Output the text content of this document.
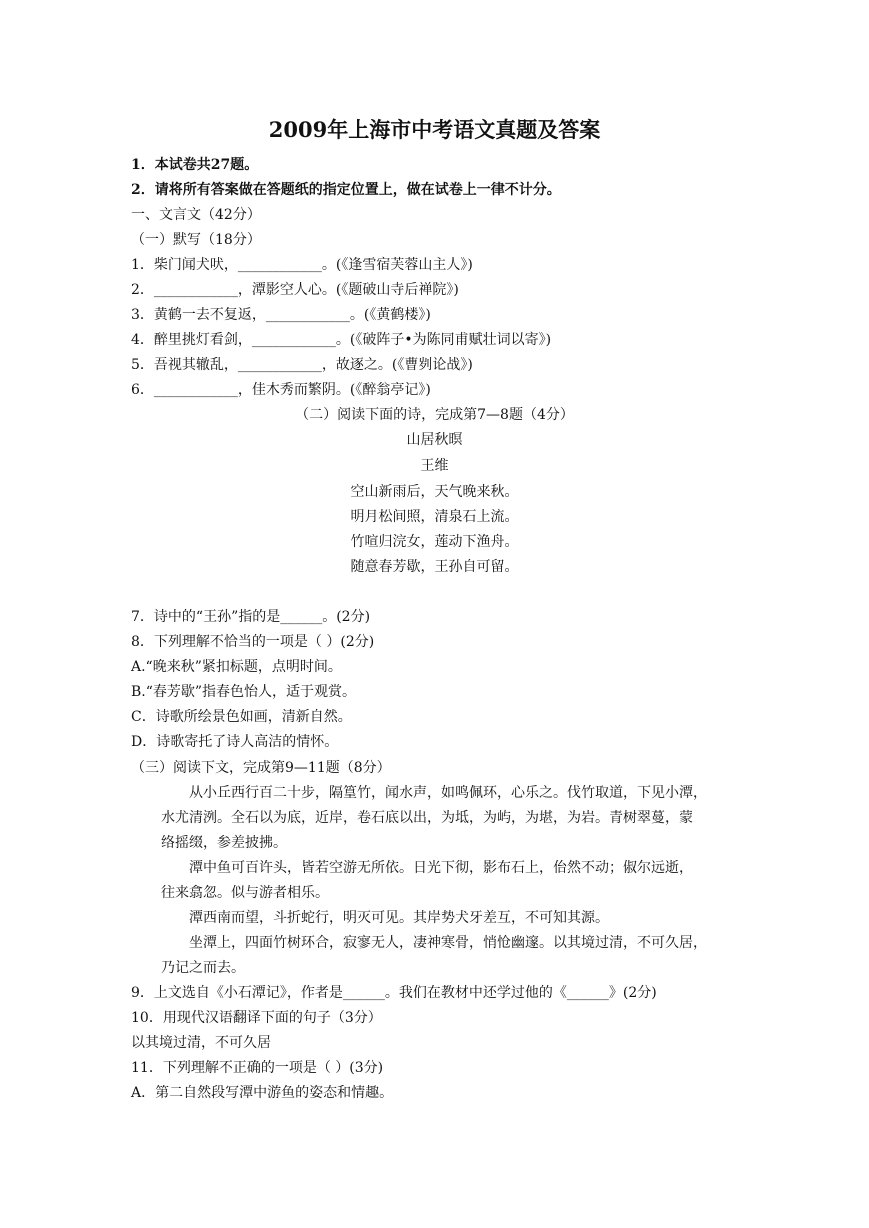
2009年上海市中考语文真题及答案
1．本试卷共27题。
2．请将所有答案做在答题纸的指定位置上，做在试卷上一律不计分。
一、文言文（42分）
（一）默写（18分）
1．柴门闻犬吠，____________。(《逢雪宿芙蓉山主人》)
2．____________，潭影空人心。(《题破山寺后禅院》)
3．黄鹤一去不复返，____________。(《黄鹤楼》)
4．醉里挑灯看剑，____________。(《破阵子•为陈同甫赋壮词以寄》)
5．吾视其辙乱，____________，故逐之。(《曹刿论战》)
6．____________，佳木秀而繁阴。(《醉翁亭记》)
（二）阅读下面的诗，完成第7—8题（4分）
山居秋暝
王维
空山新雨后，天气晚来秋。
明月松间照，清泉石上流。
竹喧归浣女，莲动下渔舟。
随意春芳歇，王孙自可留。
7．诗中的“王孙”指的是______。(2分)
8．下列理解不恰当的一项是（ ）(2分)
A.“晚来秋”紧扣标题，点明时间。
B.“春芳歇”指春色怡人，适于观赏。
C．诗歌所绘景色如画，清新自然。
D．诗歌寄托了诗人高洁的情怀。
（三）阅读下文，完成第9—11题（8分）
从小丘西行百二十步，隔篁竹，闻水声，如鸣佩环，心乐之。伐竹取道，下见小潭，
水尤清洌。全石以为底，近岸，卷石底以出，为坻，为屿，为堪，为岩。青树翠蔓，蒙
络摇缀，参差披拂。
潭中鱼可百许头，皆若空游无所依。日光下彻，影布石上，佁然不动；俶尔远逝，
往来翕忽。似与游者相乐。
潭西南而望，斗折蛇行，明灭可见。其岸势犬牙差互，不可知其源。
坐潭上，四面竹树环合，寂寥无人，凄神寒骨，悄怆幽邃。以其境过清，不可久居，
乃记之而去。
9．上文选自《小石潭记》，作者是______。我们在教材中还学过他的《______》(2分)
10．用现代汉语翻译下面的句子（3分）
以其境过清，不可久居
11．下列理解不正确的一项是（ ）(3分)
A．第二自然段写潭中游鱼的姿态和情趣。
